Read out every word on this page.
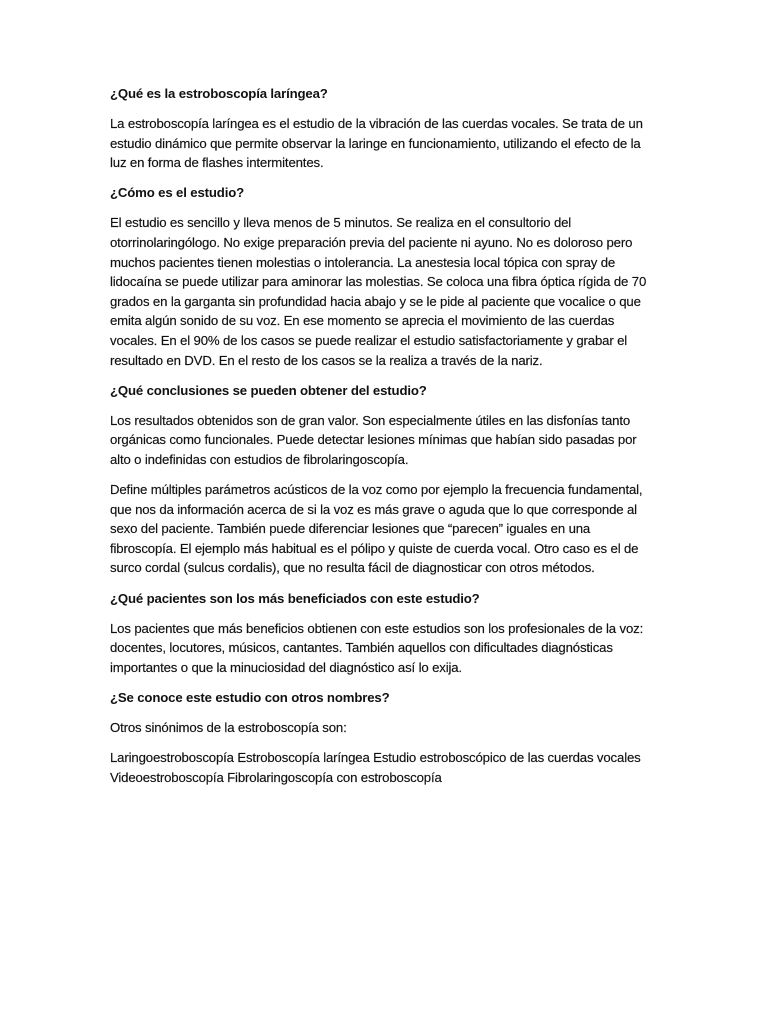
¿Qué es la estroboscopía laríngea?

La estroboscopía laríngea es el estudio de la vibración de las cuerdas vocales. Se trata de un estudio dinámico que permite observar la laringe en funcionamiento, utilizando el efecto de la luz en forma de flashes intermitentes.

¿Cómo es el estudio?

El estudio es sencillo y lleva menos de 5 minutos. Se realiza en el consultorio del otorrinolaringólogo. No exige preparación previa del paciente ni ayuno. No es doloroso pero muchos pacientes tienen molestias o intolerancia. La anestesia local tópica con spray de lidocaína se puede utilizar para aminorar las molestias. Se coloca una fibra óptica rígida de 70 grados en la garganta sin profundidad hacia abajo y se le pide al paciente que vocalice o que emita algún sonido de su voz. En ese momento se aprecia el movimiento de las cuerdas vocales. En el 90% de los casos se puede realizar el estudio satisfactoriamente y grabar el resultado en DVD. En el resto de los casos se la realiza a través de la nariz.

¿Qué conclusiones se pueden obtener del estudio?

Los resultados obtenidos son de gran valor. Son especialmente útiles en las disfonías tanto orgánicas como funcionales. Puede detectar lesiones mínimas que habían sido pasadas por alto o indefinidas con estudios de fibrolaringoscopía.

Define múltiples parámetros acústicos de la voz como por ejemplo la frecuencia fundamental, que nos da información acerca de si la voz es más grave o aguda que lo que corresponde al sexo del paciente. También puede diferenciar lesiones que “parecen” iguales en una fibroscopía. El ejemplo más habitual es el pólipo y quiste de cuerda vocal. Otro caso es el de surco cordal (sulcus cordalis), que no resulta fácil de diagnosticar con otros métodos.

¿Qué pacientes son los más beneficiados con este estudio?

Los pacientes que más beneficios obtienen con este estudios son los profesionales de la voz: docentes, locutores, músicos, cantantes. También aquellos con dificultades diagnósticas importantes o que la minuciosidad del diagnóstico así lo exija.

¿Se conoce este estudio con otros nombres?

Otros sinónimos de la estroboscopía son:

Laringoestroboscopía Estroboscopía laríngea Estudio estroboscópico de las cuerdas vocales Videoestroboscopía Fibrolaringoscopía con estroboscopía
